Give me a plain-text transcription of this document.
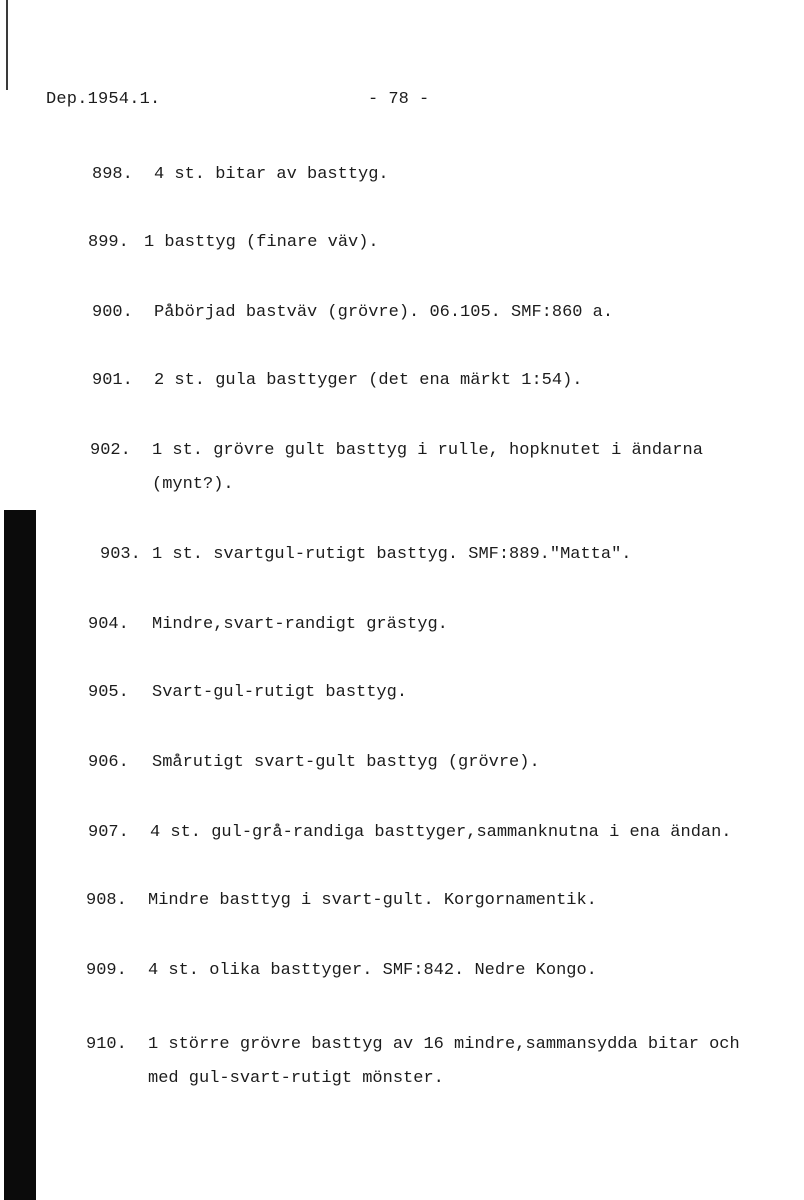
Dep.1954.1.	- 78 -
898. 4 st. bitar av basttyg.
899. 1 basttyg (finare väv).
900. Påbörjad bastväv (grövre). 06.105. SMF:860 a.
901. 2 st. gula basttyger (det ena märkt 1:54).
902. 1 st. grövre gult basttyg i rulle, hopknutet i ändarna
(mynt?).
903. 1 st. svartgul-rutigt basttyg. SMF:889."Matta".
904. Mindre,svart-randigt grästyg.
905. Svart-gul-rutigt basttyg.
906. Smårutigt svart-gult basttyg (grövre).
907. 4 st. gul-grå-randiga basttyger,sammanknutna i ena ändan.
908. Mindre basttyg i svart-gult. Korgornamentik.
909. 4 st. olika basttyger. SMF:842. Nedre Kongo.
910. 1 större grövre basttyg av 16 mindre,sammansydda bitar och
med gul-svart-rutigt mönster.
